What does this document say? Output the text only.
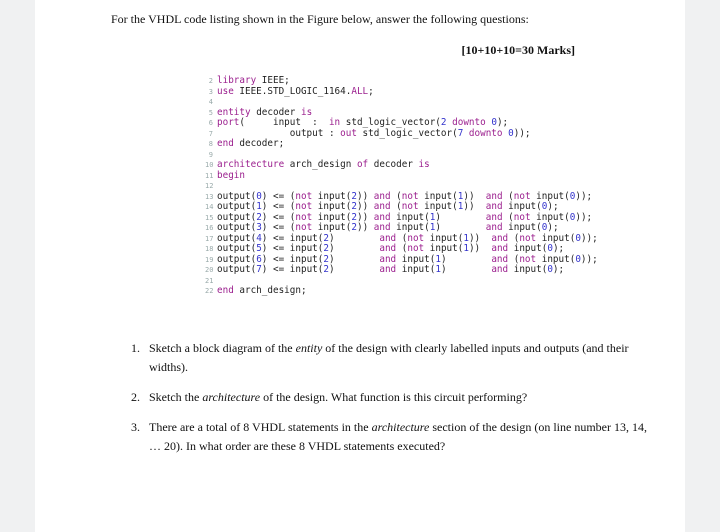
For the VHDL code listing shown in the Figure below, answer the following questions:
[10+10+10=30 Marks]
2 library IEEE;
3 use IEEE.STD_LOGIC_1164.ALL;
4
5 entity decoder is
6 port(     input  :  in std_logic_vector(2 downto 0);
7             output : out std_logic_vector(7 downto 0));
8 end decoder;
9
10 architecture arch_design of decoder is
11 begin
12
13 output(0) <= (not input(2)) and (not input(1))  and (not input(0));
14 output(1) <= (not input(2)) and (not input(1))  and input(0);
15 output(2) <= (not input(2)) and input(1)        and (not input(0));
16 output(3) <= (not input(2)) and input(1)        and input(0);
17 output(4) <= input(2)        and (not input(1))  and (not input(0));
18 output(5) <= input(2)        and (not input(1))  and input(0);
19 output(6) <= input(2)        and input(1)        and (not input(0));
20 output(7) <= input(2)        and input(1)        and input(0);
21
22 end arch_design;
1. Sketch a block diagram of the entity of the design with clearly labelled inputs and outputs (and their widths).
2. Sketch the architecture of the design. What function is this circuit performing?
3. There are a total of 8 VHDL statements in the architecture section of the design (on line number 13, 14, … 20). In what order are these 8 VHDL statements executed?
